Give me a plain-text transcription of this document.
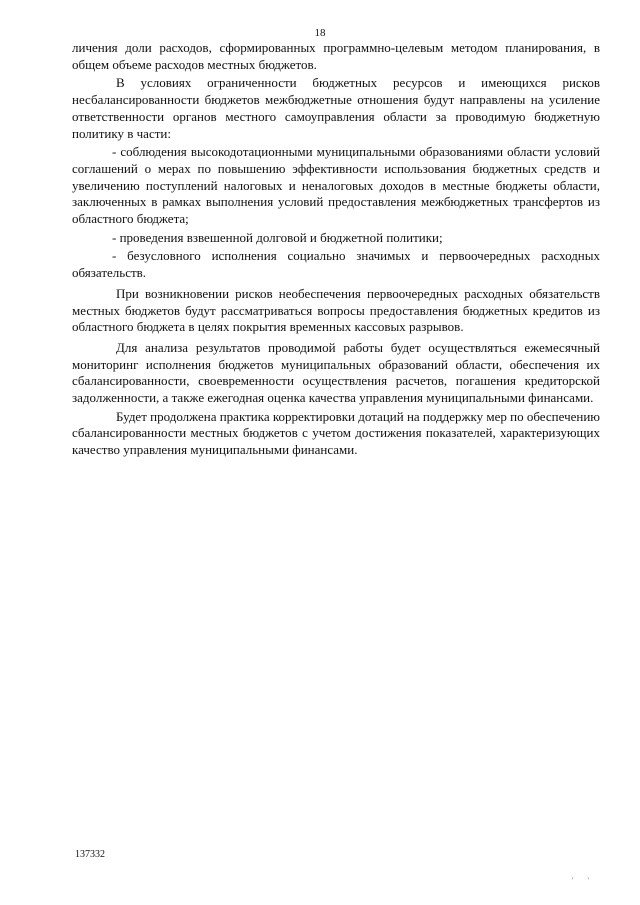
18

личения доли расходов, сформированных программно-целевым методом планирования, в общем объеме расходов местных бюджетов.

В условиях ограниченности бюджетных ресурсов и имеющихся рисков несбалансированности бюджетов межбюджетные отношения будут направлены на усиление ответственности органов местного самоуправления области за проводимую бюджетную политику в части:

- соблюдения высокодотационными муниципальными образованиями области условий соглашений о мерах по повышению эффективности использования бюджетных средств и увеличению поступлений налоговых и неналоговых доходов в местные бюджеты области, заключенных в рамках выполнения условий предоставления межбюджетных трансфертов из областного бюджета;

- проведения взвешенной долговой и бюджетной политики;

- безусловного исполнения социально значимых и первоочередных расходных обязательств.

При возникновении рисков необеспечения первоочередных расходных обязательств местных бюджетов будут рассматриваться вопросы предоставления бюджетных кредитов из областного бюджета в целях покрытия временных кассовых разрывов.

Для анализа результатов проводимой работы будет осуществляться ежемесячный мониторинг исполнения бюджетов муниципальных образований области, обеспечения их сбалансированности, своевременности осуществления расчетов, погашения кредиторской задолженности, а также ежегодная оценка качества управления муниципальными финансами.

Будет продолжена практика корректировки дотаций на поддержку мер по обеспечению сбалансированности местных бюджетов с учетом достижения показателей, характеризующих качество управления муниципальными финансами.

137332
' '
